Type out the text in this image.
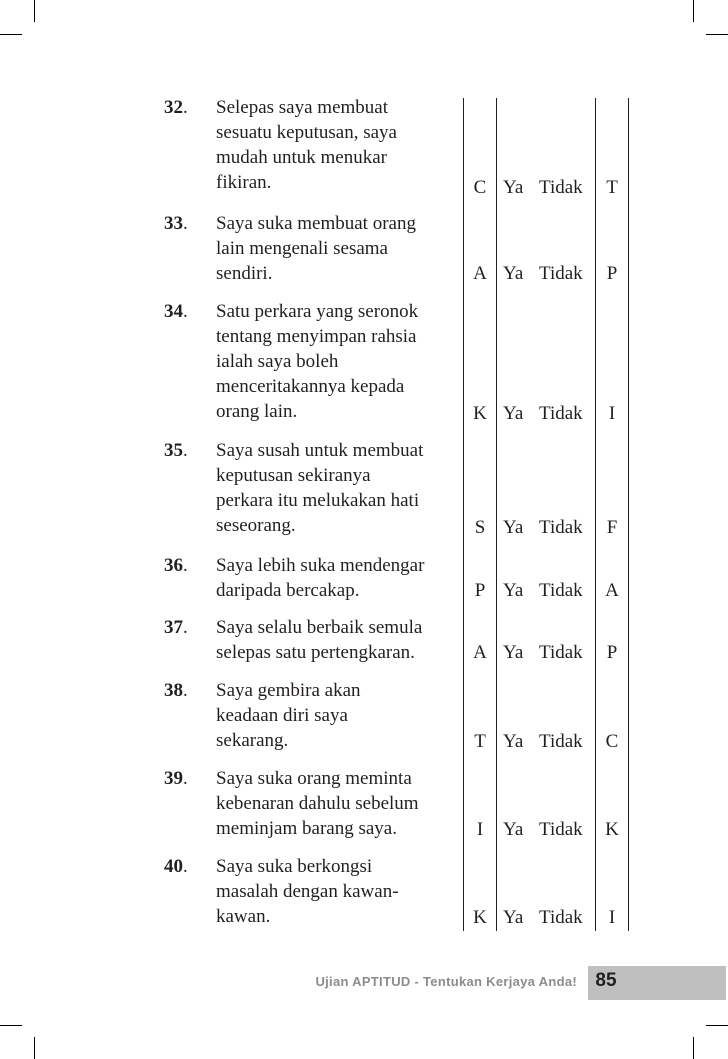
32. Selepas saya membuat
sesuatu keputusan, saya
mudah untuk menukar
fikiran.	C Ya Tidak T
33. Saya suka membuat orang
lain mengenali sesama
sendiri.	A Ya Tidak	P
34. Satu perkara yang seronok
tentang menyimpan rahsia
ialah saya boleh
menceritakannya kepada
orang lain.	K Ya Tidak	I
35. Saya susah untuk membuat
keputusan sekiranya
perkara itu melukakan hati
seseorang.	S Ya Tidak	F
36. Saya lebih suka mendengar
daripada bercakap.	P Ya Tidak A
37. Saya selalu berbaik semula
selepas satu pertengkaran.	A Ya Tidak	P
38. Saya gembira akan
keadaan diri saya
sekarang.	T Ya Tidak C
39. Saya suka orang meminta
kebenaran dahulu sebelum
meminjam barang saya.	I	Ya Tidak K
40. Saya suka berkongsi
masalah dengan kawan-
kawan.	K Ya Tidak	I
Ujian APTITUD - Tentukan Kerjaya Anda! 85
